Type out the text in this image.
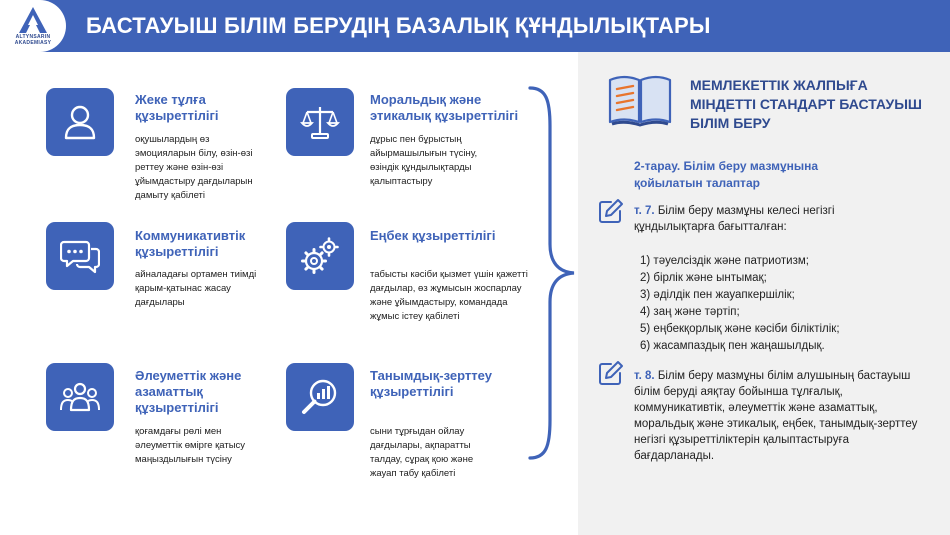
ALTYNSARIN
AKADEMIASY
БАСТАУЫШ БІЛІМ БЕРУДІҢ БАЗАЛЫҚ ҚҰНДЫЛЫҚТАРЫ
Жеке тұлға құзыреттілігі
оқушылардың өз эмоцияларын білу, өзін-өзі реттеу және өзін-өзі ұйымдастыру дағдыларын дамыту қабілеті
Моральдық және этикалық құзыреттілігі
дұрыс пен бұрыстың айырмашылығын түсіну, өзіндік құндылықтарды қалыптастыру
Коммуникативтік құзыреттілігі
айналадағы ортамен тиімді қарым-қатынас жасау дағдылары
Еңбек құзыреттілігі
табысты кәсіби қызмет үшін қажетті дағдылар, өз жұмысын жоспарлау және ұйымдастыру, командада жұмыс істеу қабілеті
Әлеуметтік және азаматтық құзыреттілігі
қоғамдағы рөлі мен әлеуметтік өмірге қатысу маңыздылығын түсіну
Танымдық-зерттеу құзыреттілігі
сыни тұрғыдан ойлау дағдылары, ақпаратты талдау, сұрақ қою және жауап табу қабілеті
МЕМЛЕКЕТТІК ЖАЛПЫҒА МІНДЕТТІ СТАНДАРТ БАСТАУЫШ БІЛІМ БЕРУ
2-тарау. Білім беру мазмұнына қойылатын талаптар
т. 7. Білім беру мазмұны келесі негізгі құндылықтарға бағытталған:
1) тәуелсіздік және патриотизм;
2) бірлік және ынтымақ;
3) әділдік пен жауапкершілік;
4) заң және тәртіп;
5) еңбекқорлық және кәсіби біліктілік;
6) жасампаздық пен жаңашылдық.
т. 8. Білім беру мазмұны білім алушының бастауыш білім беруді аяқтау бойынша тұлғалық, коммуникативтік, әлеуметтік және азаматтық, моральдық және этикалық, еңбек, танымдық-зерттеу негізгі құзыреттіліктерін қалыптастыруға бағдарланады.
